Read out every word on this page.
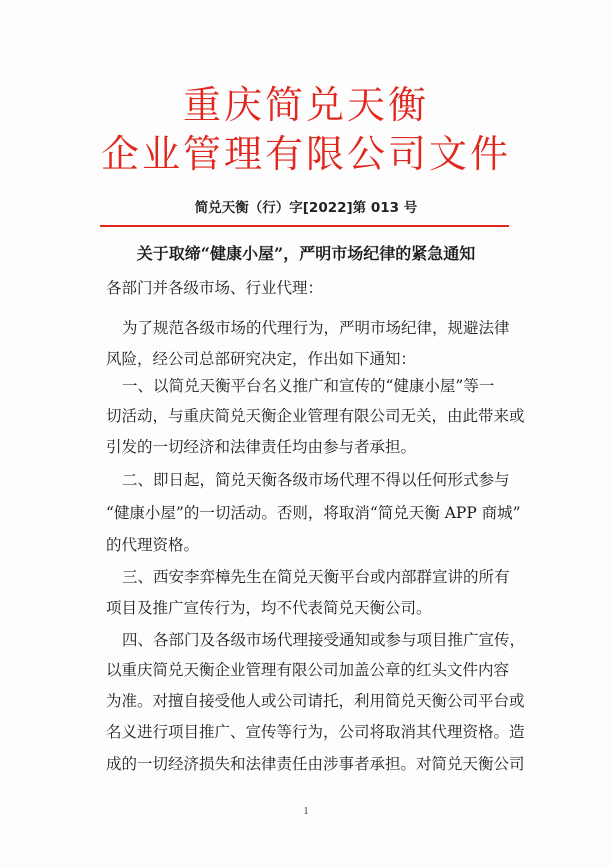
重庆简兑天衡
企业管理有限公司文件
简兑天衡（行）字[2022]第 013 号
关于取缔“健康小屋”，严明市场纪律的紧急通知
各部门并各级市场、行业代理：
为了规范各级市场的代理行为，严明市场纪律，规避法律
风险，经公司总部研究决定，作出如下通知：
一、以简兑天衡平台名义推广和宣传的“健康小屋”等一
切活动，与重庆简兑天衡企业管理有限公司无关，由此带来或
引发的一切经济和法律责任均由参与者承担。
二、即日起，简兑天衡各级市场代理不得以任何形式参与
“健康小屋”的一切活动。否则，将取消“简兑天衡 APP 商城”
的代理资格。
三、西安李弈樟先生在简兑天衡平台或内部群宣讲的所有
项目及推广宣传行为，均不代表简兑天衡公司。
四、各部门及各级市场代理接受通知或参与项目推广宣传，
以重庆简兑天衡企业管理有限公司加盖公章的红头文件内容
为准。对擅自接受他人或公司请托，利用简兑天衡公司平台或
名义进行项目推广、宣传等行为，公司将取消其代理资格。造
成的一切经济损失和法律责任由涉事者承担。对简兑天衡公司
1
